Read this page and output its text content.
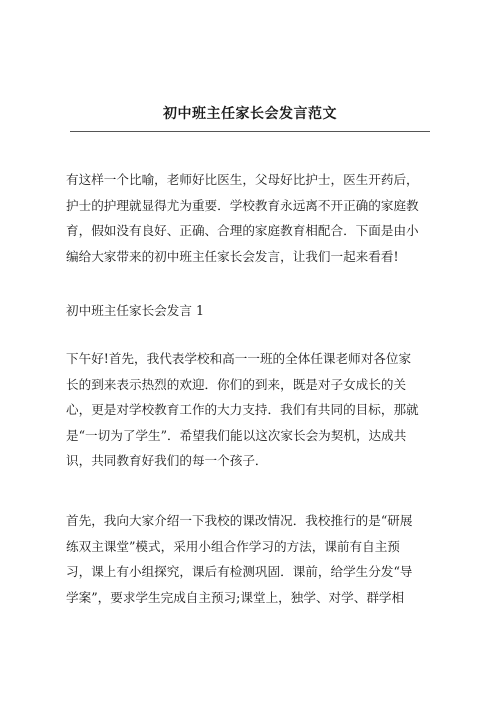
初中班主任家长会发言范文
有这样一个比喻，老师好比医生，父母好比护士，医生开药后，
护士的护理就显得尤为重要．学校教育永远离不开正确的家庭教
育，假如没有良好、正确、合理的家庭教育相配合．下面是由小
编给大家带来的初中班主任家长会发言，让我们一起来看看!
初中班主任家长会发言 1
下午好!首先，我代表学校和高一一班的全体任课老师对各位家
长的到来表示热烈的欢迎．你们的到来，既是对子女成长的关
心，更是对学校教育工作的大力支持．我们有共同的目标，那就
是“一切为了学生”．希望我们能以这次家长会为契机，达成共
识，共同教育好我们的每一个孩子．
首先，我向大家介绍一下我校的课改情况．我校推行的是“研展
练双主课堂”模式，采用小组合作学习的方法，课前有自主预
习，课上有小组探究，课后有检测巩固．课前，给学生分发“导
学案”，要求学生完成自主预习;课堂上，独学、对学、群学相
